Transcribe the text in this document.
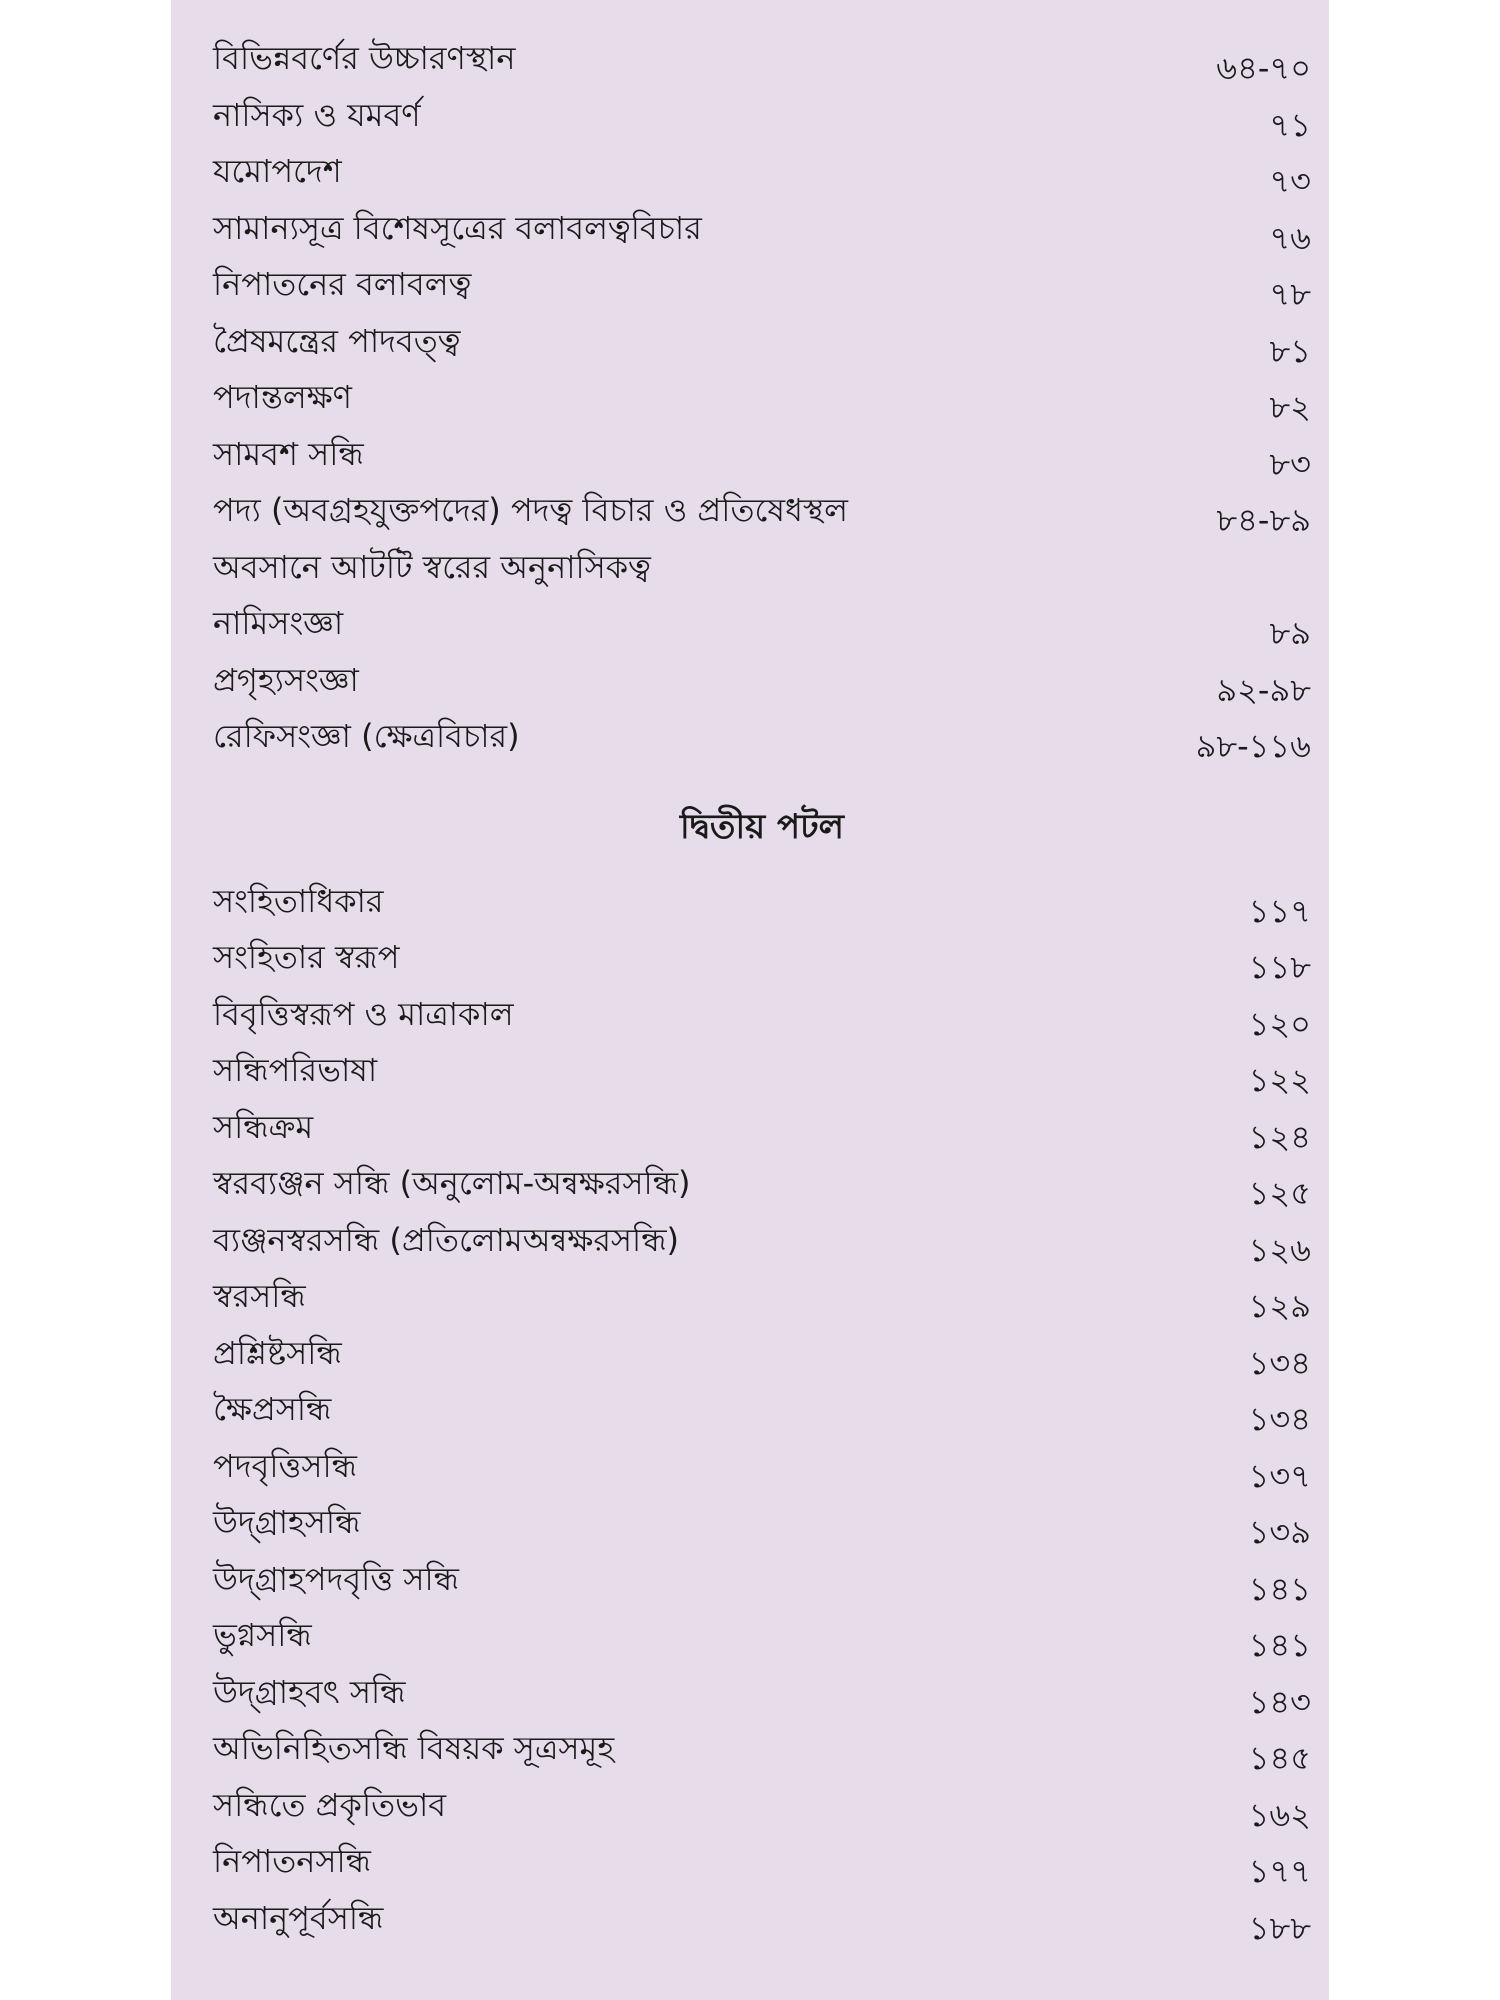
বিভিন্নবর্ণের উচ্চারণস্থান	৬৪-৭০
নাসিক্য ও যমবর্ণ	৭১
যমোপদেশ	৭৩
সামান্যসূত্র বিশেষসূত্রের বলাবলত্ববিচার	৭৬
নিপাতনের বলাবলত্ব	৭৮
প্রৈষমন্ত্রের পাদবত্ত্ব	৮১
পদান্তলক্ষণ	৮২
সামবশ সন্ধি	৮৩
পদ্য (অবগ্রহযুক্তপদের) পদত্ব বিচার ও প্রতিষেধস্থল	৮৪-৮৯
অবসানে আটটি স্বরের অনুনাসিকত্ব
নামিসংজ্ঞা	৮৯
প্রগৃহ্যসংজ্ঞা	৯২-৯৮
রেফিসংজ্ঞা (ক্ষেত্রবিচার)	৯৮-১১৬
দ্বিতীয় পটল
সংহিতাধিকার	১১৭
সংহিতার স্বরূপ	১১৮
বিবৃত্তিস্বরূপ ও মাত্রাকাল	১২০
সন্ধিপরিভাষা	১২২
সন্ধিক্রম	১২৪
স্বরব্যঞ্জন সন্ধি (অনুলোম-অন্বক্ষরসন্ধি)	১২৫
ব্যঞ্জনস্বরসন্ধি (প্রতিলোমঅন্বক্ষরসন্ধি)	১২৬
স্বরসন্ধি	১২৯
প্রশ্লিষ্টসন্ধি	১৩৪
ক্ষৈপ্রসন্ধি	১৩৪
পদবৃত্তিসন্ধি	১৩৭
উদ্গ্রাহসন্ধি	১৩৯
উদ্গ্রাহপদবৃত্তি সন্ধি	১৪১
ভুগ্নসন্ধি	১৪১
উদ্গ্রাহবৎ সন্ধি	১৪৩
অভিনিহিতসন্ধি বিষয়ক সূত্রসমূহ	১৪৫
সন্ধিতে প্রকৃতিভাব	১৬২
নিপাতনসন্ধি	১৭৭
অনানুপূর্বসন্ধি	১৮৮
